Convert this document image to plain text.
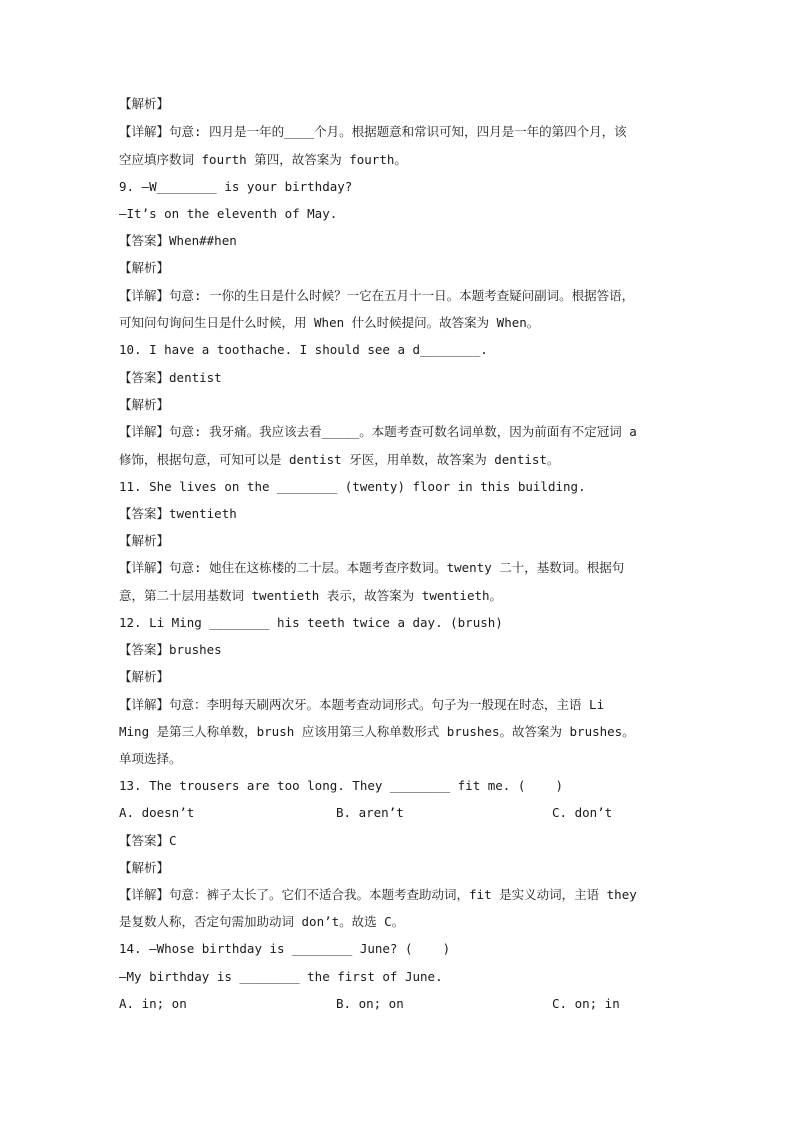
【解析】
【详解】句意: 四月是一年的____个月。根据题意和常识可知，四月是一年的第四个月，该
空应填序数词 fourth 第四，故答案为 fourth。
9. —W________ is your birthday?
—It’s on the eleventh of May.
【答案】When##hen
【解析】
【详解】句意: 一你的生日是什么时候？一它在五月十一日。本题考查疑问副词。根据答语，
可知问句询问生日是什么时候，用 When 什么时候提问。故答案为 When。
10. I have a toothache. I should see a d________.
【答案】dentist
【解析】
【详解】句意: 我牙痛。我应该去看_____。本题考查可数名词单数，因为前面有不定冠词 a
修饰，根据句意，可知可以是 dentist 牙医，用单数，故答案为 dentist。
11. She lives on the ________ (twenty) floor in this building.
【答案】twentieth
【解析】
【详解】句意: 她住在这栋楼的二十层。本题考查序数词。twenty 二十，基数词。根据句
意，第二十层用基数词 twentieth 表示，故答案为 twentieth。
12. Li Ming ________ his teeth twice a day. (brush)
【答案】brushes
【解析】
【详解】句意：李明每天刷两次牙。本题考查动词形式。句子为一般现在时态，主语 Li
Ming 是第三人称单数，brush 应该用第三人称单数形式 brushes。故答案为 brushes。
单项选择。
13. The trousers are too long. They ________ fit me. (    )
A. doesn’t	B. aren’t	C. don’t
【答案】C
【解析】
【详解】句意：裤子太长了。它们不适合我。本题考查助动词，fit 是实义动词，主语 they
是复数人称，否定句需加助动词 don’t。故选 C。
14. —Whose birthday is ________ June? (    )
—My birthday is ________ the first of June.
A. in; on	B. on; on	C. on; in
